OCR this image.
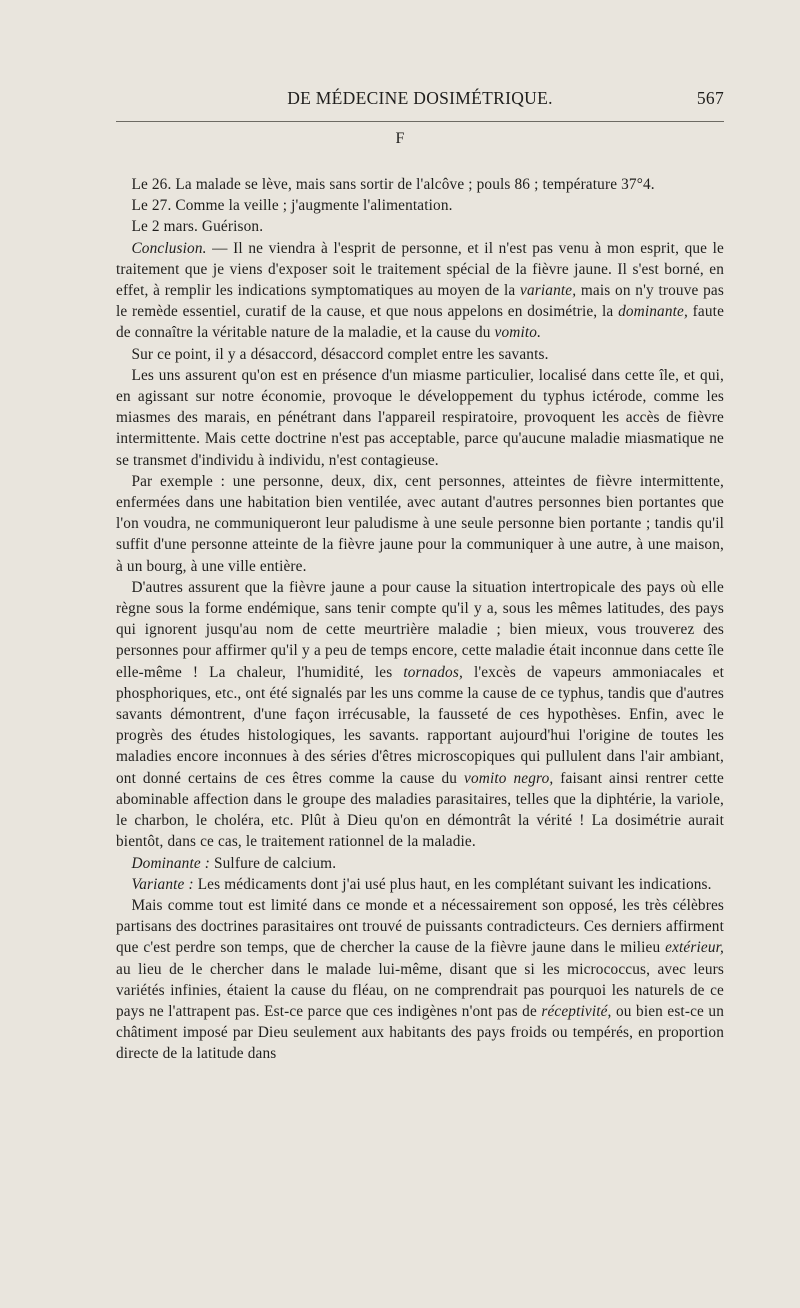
DE MÉDECINE DOSIMÉTRIQUE.	567
F

 Le 26. La malade se lève, mais sans sortir de l'alcôve ; pouls 86 ; température 37°4.

 Le 27. Comme la veille ; j'augmente l'alimentation.

 Le 2 mars. Guérison.

 Conclusion. — Il ne viendra à l'esprit de personne, et il n'est pas venu à mon esprit, que le traitement que je viens d'exposer soit le traitement spécial de la fièvre jaune. Il s'est borné, en effet, à remplir les indications symptomatiques au moyen de la variante, mais on n'y trouve pas le remède essentiel, curatif de la cause, et que nous appelons en dosimétrie, la dominante, faute de connaître la véritable nature de la maladie, et la cause du vomito.

 Sur ce point, il y a désaccord, désaccord complet entre les savants.

 Les uns assurent qu'on est en présence d'un miasme particulier, localisé dans cette île, et qui, en agissant sur notre économie, provoque le développement du typhus ictérode, comme les miasmes des marais, en pénétrant dans l'appareil respiratoire, provoquent les accès de fièvre intermittente. Mais cette doctrine n'est pas acceptable, parce qu'aucune maladie miasmatique ne se transmet d'individu à individu, n'est contagieuse.

 Par exemple : une personne, deux, dix, cent personnes, atteintes de fièvre intermittente, enfermées dans une habitation bien ventilée, avec autant d'autres personnes bien portantes que l'on voudra, ne communiqueront leur paludisme à une seule personne bien portante ; tandis qu'il suffit d'une personne atteinte de la fièvre jaune pour la communiquer à une autre, à une maison, à un bourg, à une ville entière.

 D'autres assurent que la fièvre jaune a pour cause la situation intertropicale des pays où elle règne sous la forme endémique, sans tenir compte qu'il y a, sous les mêmes latitudes, des pays qui ignorent jusqu'au nom de cette meurtrière maladie ; bien mieux, vous trouverez des personnes pour affirmer qu'il y a peu de temps encore, cette maladie était inconnue dans cette île elle-même ! La chaleur, l'humidité, les tornados, l'excès de vapeurs ammoniacales et phosphoriques, etc., ont été signalés par les uns comme la cause de ce typhus, tandis que d'autres savants démontrent, d'une façon irrécusable, la fausseté de ces hypothèses. Enfin, avec le progrès des études histologiques, les savants. rapportant aujourd'hui l'origine de toutes les maladies encore inconnues à des séries d'êtres microscopiques qui pullulent dans l'air ambiant, ont donné certains de ces êtres comme la cause du vomito negro, faisant ainsi rentrer cette abominable affection dans le groupe des maladies parasitaires, telles que la diphtérie, la variole, le charbon, le choléra, etc. Plût à Dieu qu'on en démontrât la vérité ! La dosimétrie aurait bientôt, dans ce cas, le traitement rationnel de la maladie.

 Dominante : Sulfure de calcium.

 Variante : Les médicaments dont j'ai usé plus haut, en les complétant suivant les indications.

 Mais comme tout est limité dans ce monde et a nécessairement son opposé, les très célèbres partisans des doctrines parasitaires ont trouvé de puissants contradicteurs. Ces derniers affirment que c'est perdre son temps, que de chercher la cause de la fièvre jaune dans le milieu extérieur, au lieu de le chercher dans le malade lui-même, disant que si les micrococcus, avec leurs variétés infinies, étaient la cause du fléau, on ne comprendrait pas pourquoi les naturels de ce pays ne l'attrapent pas. Est-ce parce que ces indigènes n'ont pas de réceptivité, ou bien est-ce un châtiment imposé par Dieu seulement aux habitants des pays froids ou tempérés, en proportion directe de la latitude dans
